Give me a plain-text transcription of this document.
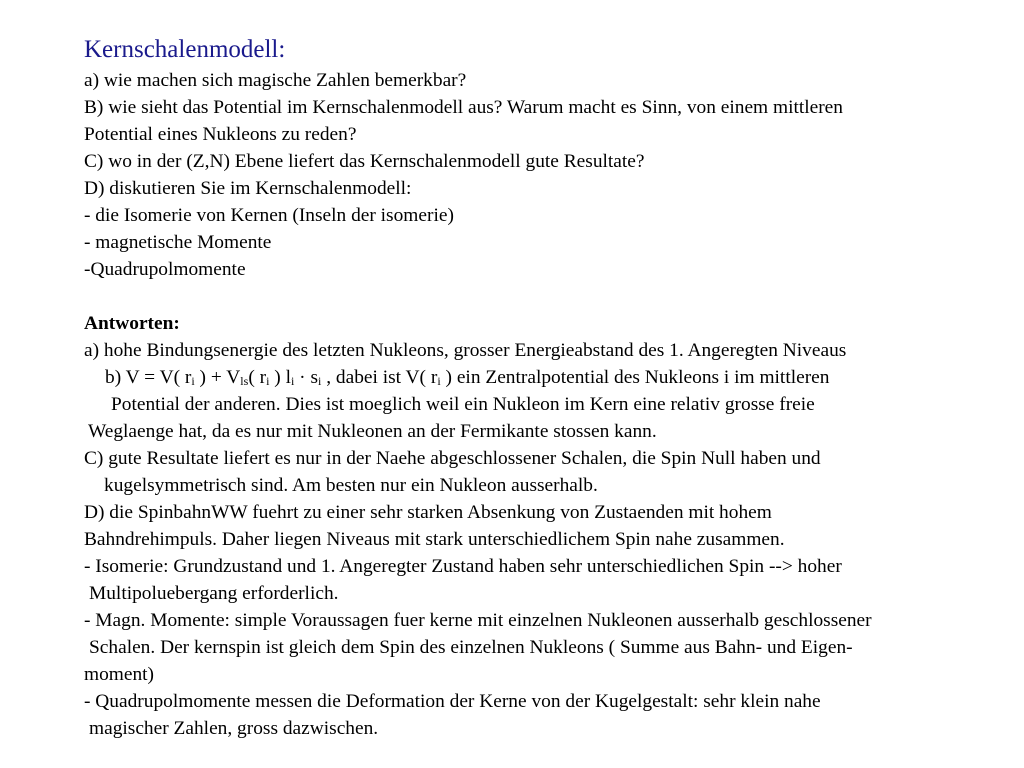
Kernschalenmodell:
a) wie machen sich magische Zahlen bemerkbar?
B) wie sieht das Potential im Kernschalenmodell aus? Warum macht es Sinn, von einem mittleren
Potential eines Nukleons zu reden?
C) wo in der (Z,N) Ebene liefert das Kernschalenmodell gute Resultate?
D) diskutieren Sie im Kernschalenmodell:
- die Isomerie von Kernen (Inseln der isomerie)
- magnetische Momente
-Quadrupolmomente
Antworten:
a) hohe Bindungsenergie des letzten Nukleons, grosser Energieabstand des 1. Angeregten Niveaus
b) V = V( $r_i$ ) + $V_{ls}$( $r_i$ ) $l_i \cdot s_i$ , dabei ist V( $r_i$ ) ein Zentralpotential des Nukleons i im mittleren
Potential der anderen. Dies ist moeglich weil ein Nukleon im Kern eine relativ grosse freie
Weglaenge hat, da es nur mit Nukleonen an der Fermikante stossen kann.
C) gute Resultate liefert es nur in der Naehe abgeschlossener Schalen, die Spin Null haben und
kugelsymmetrisch sind. Am besten nur ein Nukleon ausserhalb.
D) die SpinbahnWW fuehrt zu einer sehr starken Absenkung von Zustaenden mit hohem
Bahndrehimpuls. Daher liegen Niveaus mit stark unterschiedlichem Spin nahe zusammen.
- Isomerie: Grundzustand und 1. Angeregter Zustand haben sehr unterschiedlichen Spin --> hoher
Multipoluebergang erforderlich.
- Magn. Momente: simple Voraussagen fuer kerne mit einzelnen Nukleonen ausserhalb geschlossener
Schalen. Der kernspin ist gleich dem Spin des einzelnen Nukleons ( Summe aus Bahn- und Eigen-
moment)
- Quadrupolmomente messen die Deformation der Kerne von der Kugelgestalt: sehr klein nahe
magischer Zahlen, gross dazwischen.
